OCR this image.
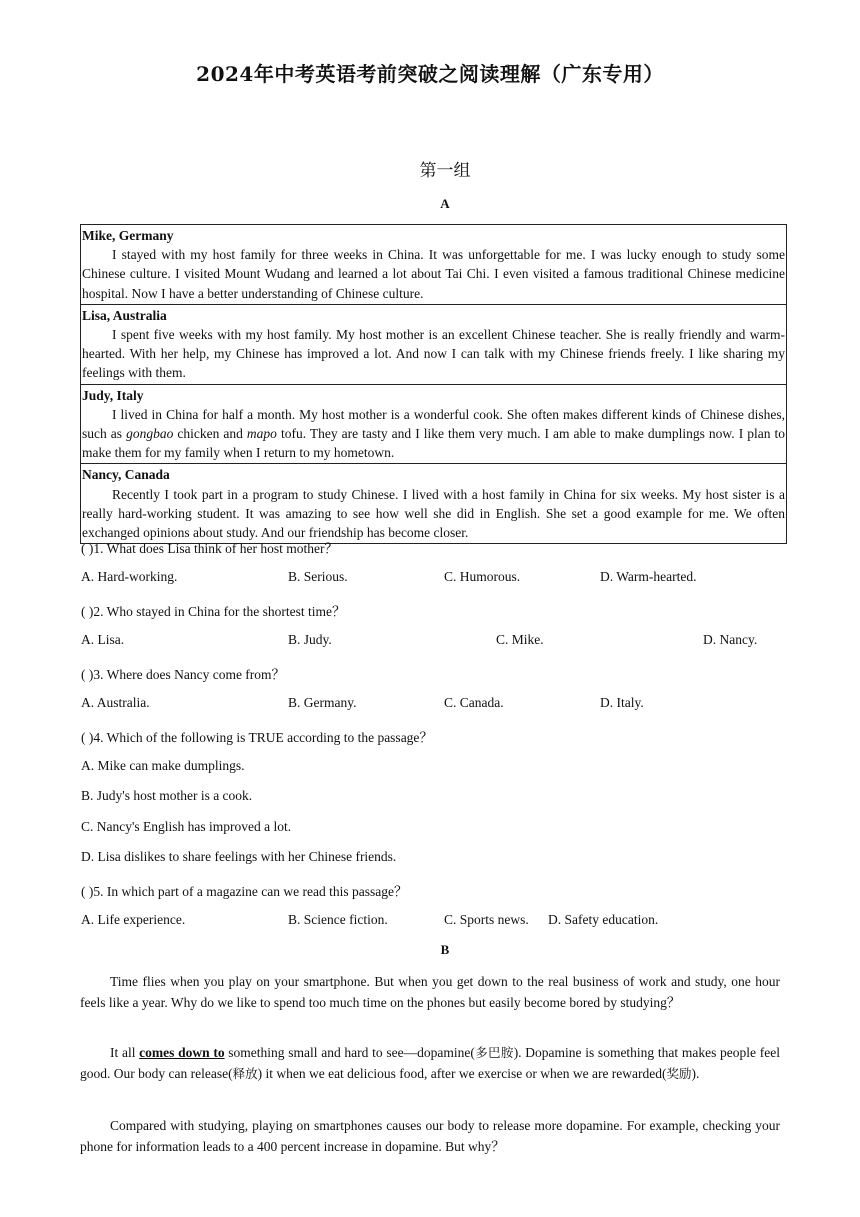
2024年中考英语考前突破之阅读理解（广东专用）
第一组
A
Mike, Germany
I stayed with my host family for three weeks in China. It was unforgettable for me. I was lucky enough to study some Chinese culture. I visited Mount Wudang and learned a lot about Tai Chi. I even visited a famous traditional Chinese medicine hospital. Now I have a better understanding of Chinese culture.

Lisa, Australia
I spent five weeks with my host family. My host mother is an excellent Chinese teacher. She is really friendly and warm-hearted. With her help, my Chinese has improved a lot. And now I can talk with my Chinese friends freely. I like sharing my feelings with them.

Judy, Italy
I lived in China for half a month. My host mother is a wonderful cook. She often makes different kinds of Chinese dishes, such as gongbao chicken and mapo tofu. They are tasty and I like them very much. I am able to make dumplings now. I plan to make them for my family when I return to my hometown.

Nancy, Canada
Recently I took part in a program to study Chinese. I lived with a host family in China for six weeks. My host sister is a really hard-working student. It was amazing to see how well she did in English. She set a good example for me. We often exchanged opinions about study. And our friendship has become closer.
( )1. What does Lisa think of her host mother？
A. Hard-working.	B. Serious.	C. Humorous.	D. Warm-hearted.
( )2. Who stayed in China for the shortest time？
A. Lisa.	B. Judy.	C. Mike.	D. Nancy.
( )3. Where does Nancy come from？
A. Australia.	B. Germany.	C. Canada.	D. Italy.
( )4. Which of the following is TRUE according to the passage？
A. Mike can make dumplings.
B. Judy's host mother is a cook.
C. Nancy's English has improved a lot.
D. Lisa dislikes to share feelings with her Chinese friends.
( )5. In which part of a magazine can we read this passage？
A. Life experience.	B. Science fiction.	C. Sports news. D. Safety education.
B
Time flies when you play on your smartphone. But when you get down to the real business of work and study, one hour feels like a year. Why do we like to spend too much time on the phones but easily become bored by studying？
It all comes down to something small and hard to see—dopamine(多巴胺). Dopamine is something that makes people feel good. Our body can release(释放) it when we eat delicious food, after we exercise or when we are rewarded(奖励).
Compared with studying, playing on smartphones causes our body to release more dopamine. For example, checking your phone for information leads to a 400 percent increase in dopamine. But why？
